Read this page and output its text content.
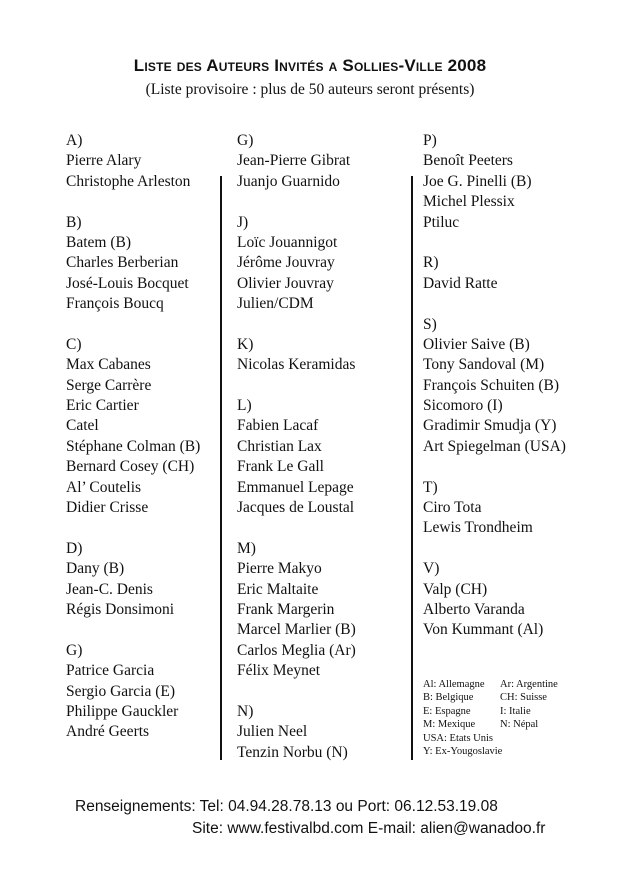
Liste des Auteurs Invités a Sollies-Ville 2008

(Liste provisoire : plus de 50 auteurs seront présents)

A)

Pierre Alary

Christophe Arleston

B)

Batem (B)

Charles Berberian

José-Louis Bocquet

François Boucq

C)

Max Cabanes

Serge Carrère

Eric Cartier

Catel

Stéphane Colman (B)

Bernard Cosey (CH)

Al’ Coutelis

Didier Crisse

D)

Dany (B)

Jean-C. Denis

Régis Donsimoni

G)

Patrice Garcia

Sergio Garcia (E)

Philippe Gauckler

André Geerts

G)

Jean-Pierre Gibrat

Juanjo Guarnido

J)

Loïc Jouannigot

Jérôme Jouvray

Olivier Jouvray

Julien/CDM

K)

Nicolas Keramidas

L)

Fabien Lacaf

Christian Lax

Frank Le Gall

Emmanuel Lepage

Jacques de Loustal

M)

Pierre Makyo

Eric Maltaite

Frank Margerin

Marcel Marlier (B)

Carlos Meglia (Ar)

Félix Meynet

N)

Julien Neel

Tenzin Norbu (N)

P)

Benoît Peeters

Joe G. Pinelli (B)

Michel Plessix

Ptiluc

R)

David Ratte

S)

Olivier Saive (B)

Tony Sandoval (M)

François Schuiten (B)

Sicomoro (I)

Gradimir Smudja (Y)

Art Spiegelman (USA)

T)

Ciro Tota

Lewis Trondheim

V)

Valp (CH)

Alberto Varanda

Von Kummant (Al)

Al: Allemagne Ar: Argentine
B: Belgique	CH: Suisse
E: Espagne	I: Italie
M: Mexique N: Népal
USA: Etats Unis
Y: Ex-Yougoslavie
Renseignements: Tel: 04.94.28.78.13 ou Port: 06.12.53.19.08
Site: www.festivalbd.com E-mail: alien@wanadoo.fr
